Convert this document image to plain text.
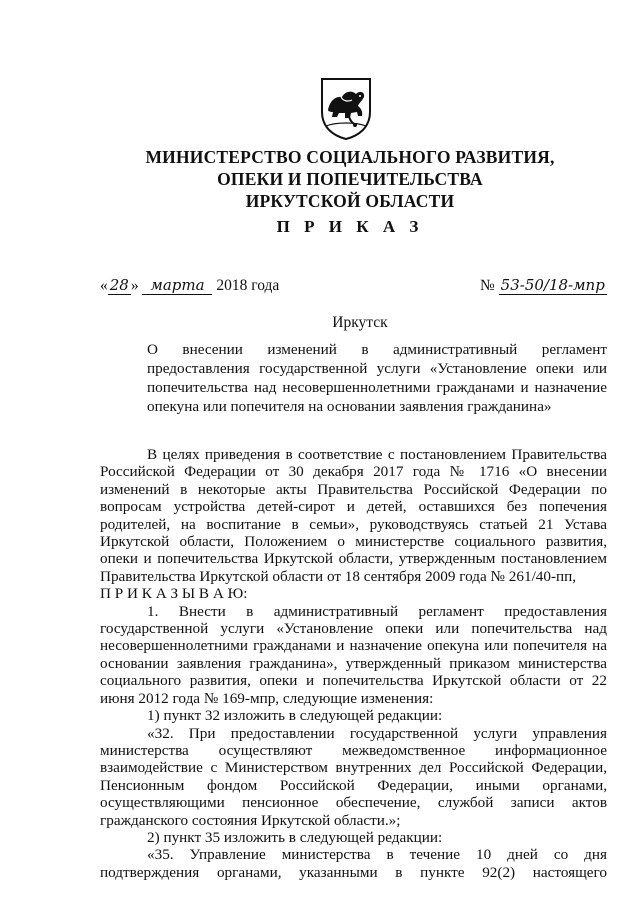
МИНИСТЕРСТВО СОЦИАЛЬНОГО РАЗВИТИЯ,
ОПЕКИ И ПОПЕЧИТЕЛЬСТВА
ИРКУТСКОЙ ОБЛАСТИ
П Р И К А З
« 28 » марта 2018 года	№ 53-50/18-мпр
Иркутск

О внесении изменений в административный регламент предоставления государственной услуги «Установление опеки или попечительства над несовершеннолетними гражданами и назначение опекуна или попечителя на основании заявления гражданина»

В целях приведения в соответствие с постановлением Правительства Российской Федерации от 30 декабря 2017 года № 1716 «О внесении изменений в некоторые акты Правительства Российской Федерации по вопросам устройства детей-сирот и детей, оставшихся без попечения родителей, на воспитание в семьи», руководствуясь статьей 21 Устава Иркутской области, Положением о министерстве социального развития, опеки и попечительства Иркутской области, утвержденным постановлением Правительства Иркутской области от 18 сентября 2009 года № 261/40-пп,

П Р И К А З Ы В А Ю:

1. Внести в административный регламент предоставления государственной услуги «Установление опеки или попечительства над несовершеннолетними гражданами и назначение опекуна или попечителя на основании заявления гражданина», утвержденный приказом министерства социального развития, опеки и попечительства Иркутской области от 22 июня 2012 года № 169-мпр, следующие изменения:

1) пункт 32 изложить в следующей редакции:

«32. При предоставлении государственной услуги управления министерства осуществляют межведомственное информационное взаимодействие с Министерством внутренних дел Российской Федерации, Пенсионным фондом Российской Федерации, иными органами, осуществляющими пенсионное обеспечение, службой записи актов гражданского состояния Иркутской области.»;

2) пункт 35 изложить в следующей редакции:

«35. Управление министерства в течение 10 дней со дня подтверждения органами, указанными в пункте 92(2) настоящего
